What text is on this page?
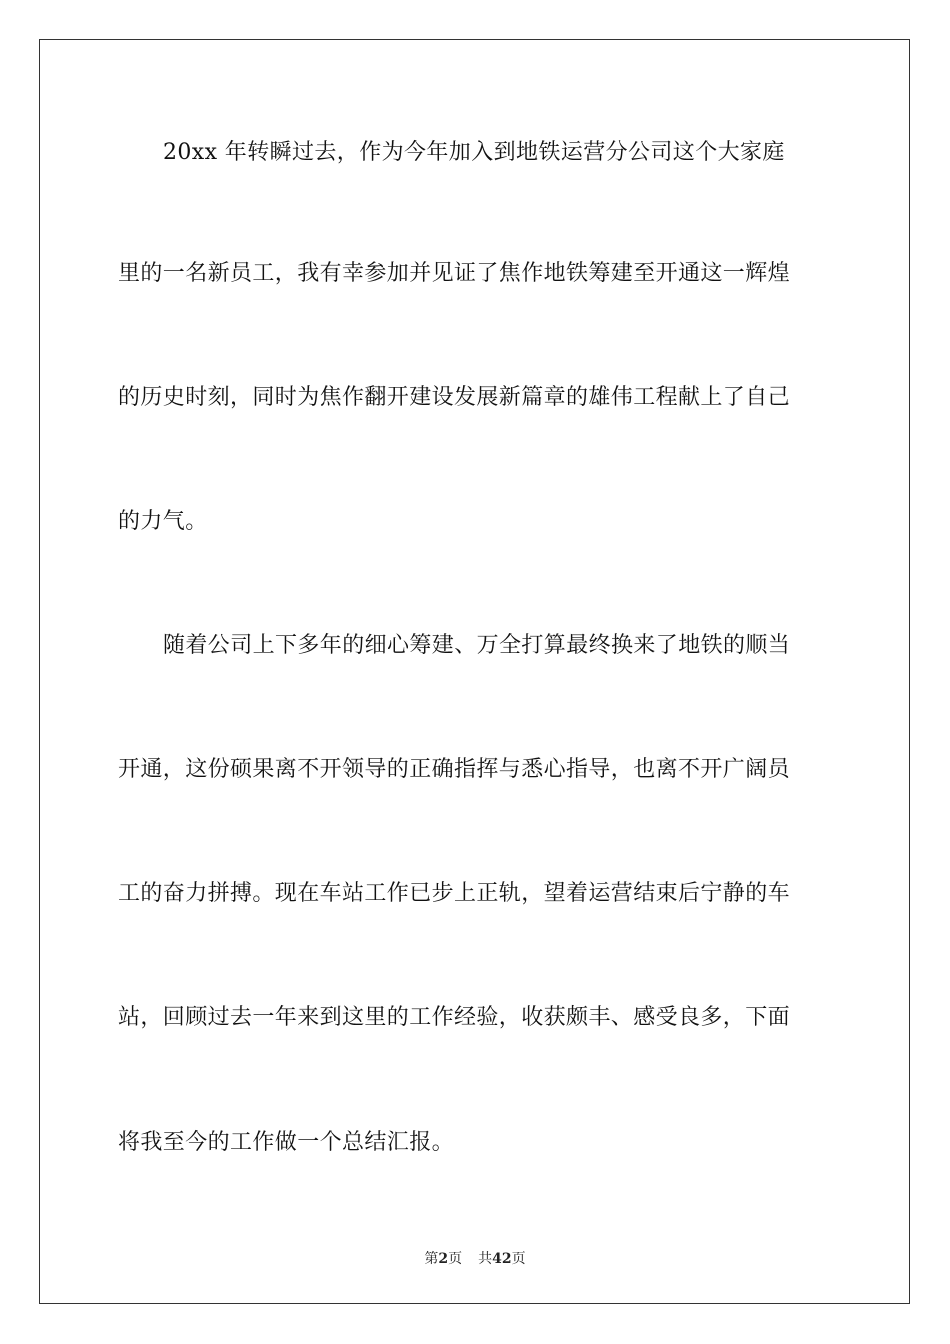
20xx 年转瞬过去，作为今年加入到地铁运营分公司这个大家庭
里的一名新员工，我有幸参加并见证了焦作地铁筹建至开通这一辉煌
的历史时刻，同时为焦作翻开建设发展新篇章的雄伟工程献上了自己
的力气。
随着公司上下多年的细心筹建、万全打算最终换来了地铁的顺当
开通，这份硕果离不开领导的正确指挥与悉心指导，也离不开广阔员
工的奋力拼搏。现在车站工作已步上正轨，望着运营结束后宁静的车
站，回顾过去一年来到这里的工作经验，收获颇丰、感受良多，下面
将我至今的工作做一个总结汇报。
第2页 共42页
